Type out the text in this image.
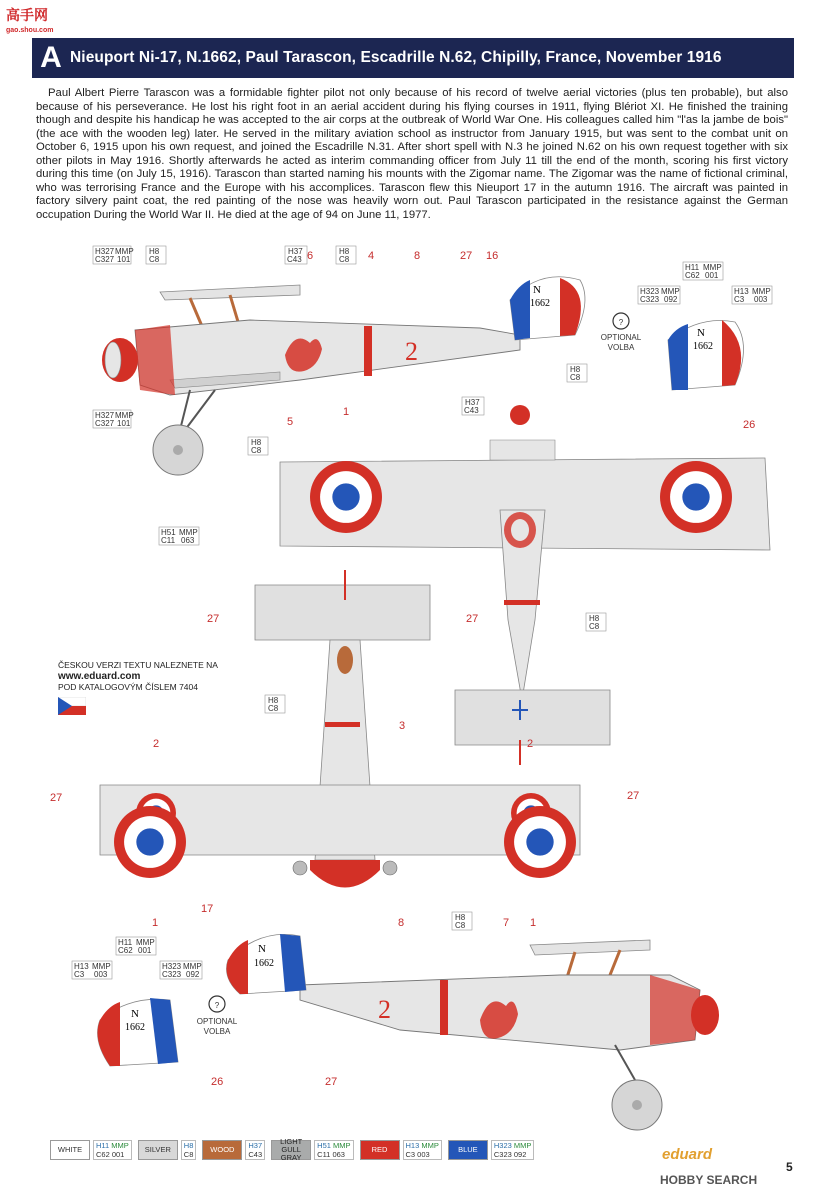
高手网
gao.shou.com
A Nieuport Ni-17, N.1662, Paul Tarascon, Escadrille N.62, Chipilly, France, November 1916
Paul Albert Pierre Tarascon was a formidable fighter pilot not only because of his record of twelve aerial victories (plus ten probable), but also because of his perseverance. He lost his right foot in an aerial accident during his flying courses in 1911, flying Blériot XI. He finished the training though and despite his handicap he was accepted to the air corps at the outbreak of World War One. His colleagues called him "l'as la jambe de bois" (the ace with the wooden leg) later. He served in the military aviation school as instructor from January 1915, but was sent to the combat unit on October 6, 1915 upon his own request, and joined the Escadrille N.31. After short spell with N.3 he joined N.62 on his own request together with six other pilots in May 1916. Shortly afterwards he acted as interim commanding officer from July 11 till the end of the month, scoring his first victory during this time (on July 15, 1916). Tarascon than started naming his mounts with the Zigomar name. The Zigomar was the name of fictional criminal, who was terrorising France and the Europe with his accomplices. Tarascon flew this Nieuport 17 in the autumn 1916. The aircraft was painted in factory silvery paint coat, the red painting of the nose was heavily worn out. Paul Tarascon participated in the resistance against the German occupation During the World War II. He died at the age of 94 on June 11, 1977.
2
N
1662
N
1662
?
OPTIONAL
VOLBA
2
N
1662
N
1662
?
OPTIONAL
VOLBA
H327 MMP
C327 101
H8
C8
H37
C43
H8
C8
H327 MMP
C327 101
H8
C8
H51 MMP
C11 063
H37
C43
H8
C8
H11 MMP
C62 001
H323 MMP
C323 092
H13 MMP
C3 003
H8
C8
H8
C8
H8
C8
H11 MMP
C62 001
H13 MMP
C3 003
H323 MMP
C323 092
6	4	8	27 16
5
1
26
27	27
3
2	2
27	27
1	1
17
8	7
26	27
ČESKOU VERZI TEXTU NALEZNETE NA
www.eduard.com
POD KATALOGOVÝM ČÍSLEM 7404
WHITE	H11 MMP
C62 001
SILVER	H8
C8
WOOD	H37
C43
LIGHT GULL GRAY
H51 MMP
C11 063
RED	H13 MMP
C3 003
BLUE	H323 MMP
C323 092	eduard
5
HOBBY SEARCH
